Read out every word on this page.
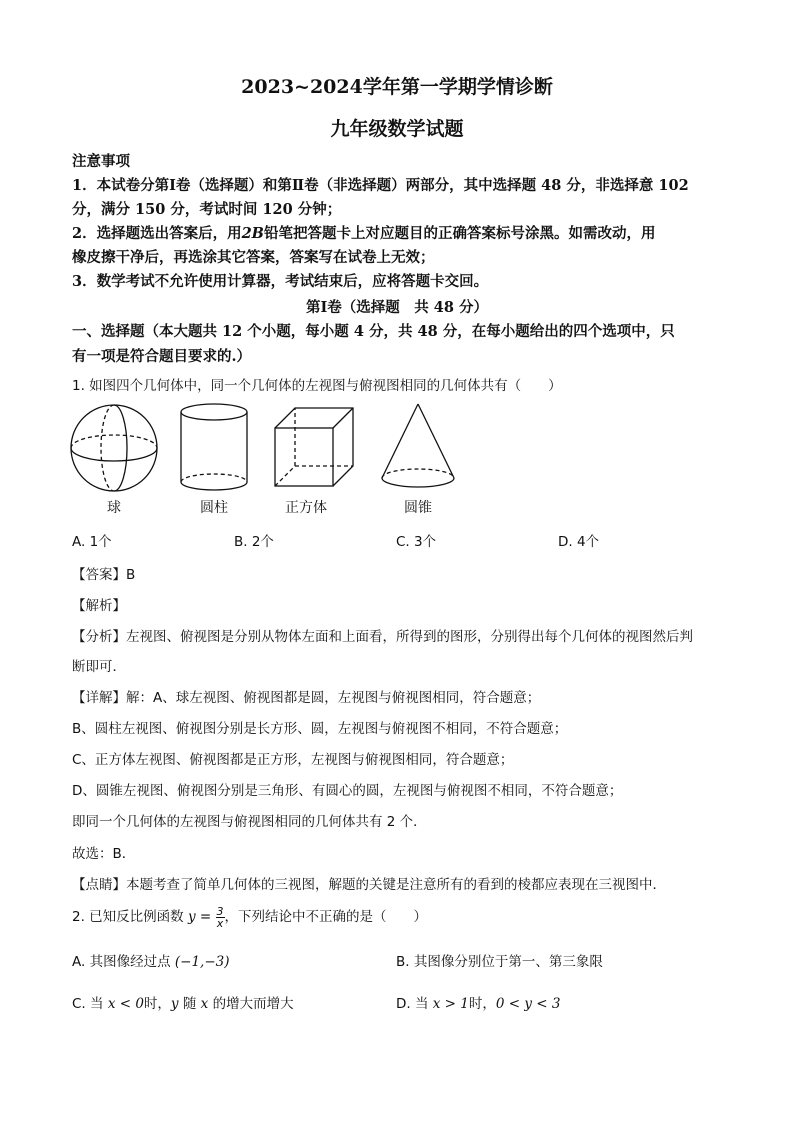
2023~2024学年第一学期学情诊断
九年级数学试题
注意事项
1．本试卷分第Ⅰ卷（选择题）和第Ⅱ卷（非选择题）两部分，其中选择题 48 分，非选择意 102
分，满分 150 分，考试时间 120 分钟；
2．选择题选出答案后，用2B铅笔把答题卡上对应题目的正确答案标号涂黑。如需改动，用
橡皮擦干净后，再选涂其它答案，答案写在试卷上无效；
3．数学考试不允许使用计算器，考试结束后，应将答题卡交回。
第Ⅰ卷（选择题　共 48 分）
一、选择题（本大题共 12 个小题，每小题 4 分，共 48 分，在每小题给出的四个选项中，只
有一项是符合题目要求的.）
1. 如图四个几何体中，同一个几何体的左视图与俯视图相同的几何体共有（　　）
球	圆柱	正方体	圆锥
A. 1个	B. 2个	C. 3个	D. 4个
【答案】B
【解析】
【分析】左视图、俯视图是分别从物体左面和上面看，所得到的图形，分别得出每个几何体的视图然后判
断即可．
【详解】解：A、球左视图、俯视图都是圆，左视图与俯视图相同，符合题意；
B、圆柱左视图、俯视图分别是长方形、圆，左视图与俯视图不相同，不符合题意；
C、正方体左视图、俯视图都是正方形，左视图与俯视图相同，符合题意；
D、圆锥左视图、俯视图分别是三角形、有圆心的圆，左视图与俯视图不相同，不符合题意；
即同一个几何体的左视图与俯视图相同的几何体共有 2 个．
故选：B．
【点睛】本题考查了简单几何体的三视图，解题的关键是注意所有的看到的棱都应表现在三视图中．
2. 已知反比例函数 $y = \frac{3}{x}$ ，下列结论中不正确的是（　　）
A. 其图像经过点 (−1,−3)	B. 其图像分别位于第一、第三象限
C. 当 x < 0时，y 随 x 的增大而增大	D. 当 x > 1时，0 < y < 3
